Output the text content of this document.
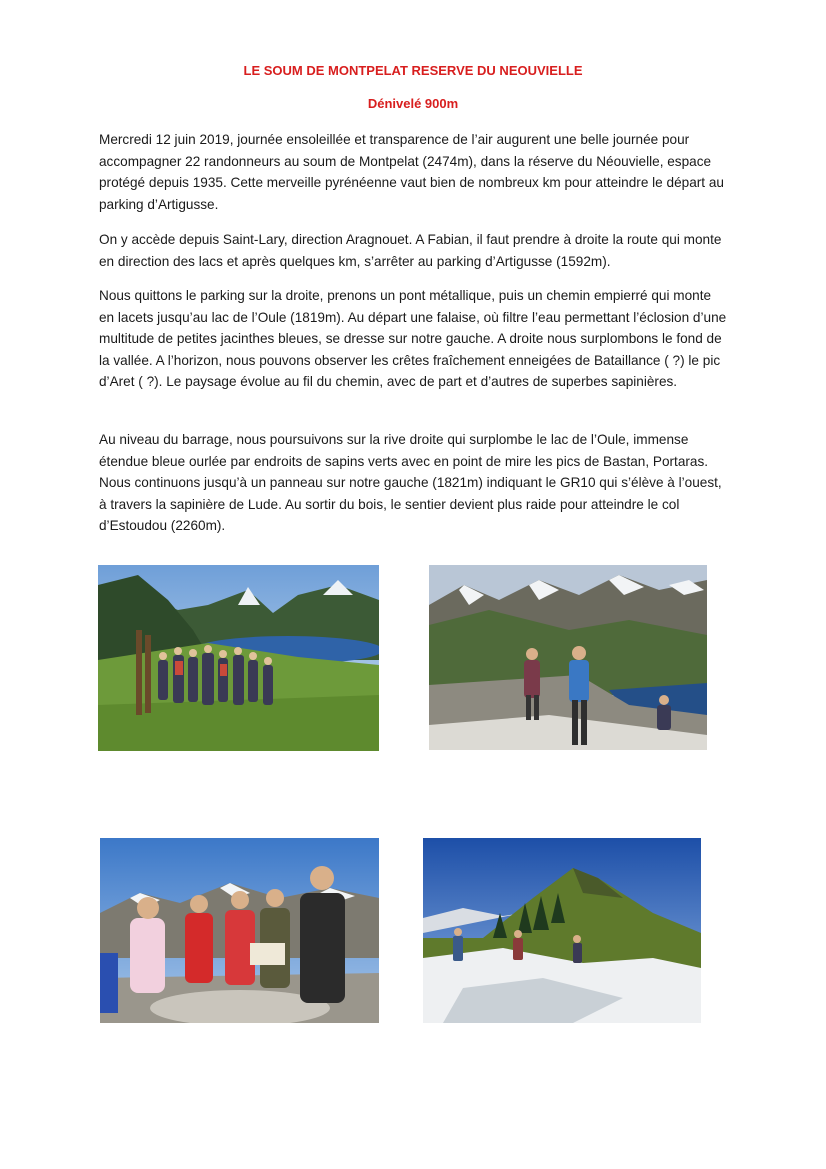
LE SOUM DE MONTPELAT RESERVE DU NEOUVIELLE
Dénivelé 900m

Mercredi 12 juin 2019, journée ensoleillée et transparence de l’air augurent une belle journée pour accompagner 22 randonneurs au soum de Montpelat (2474m), dans la réserve du Néouvielle, espace protégé depuis 1935. Cette merveille pyrénéenne vaut bien de nombreux km pour atteindre le départ au parking d’Artigusse.

On y accède depuis Saint-Lary, direction Aragnouet. A Fabian, il faut prendre à droite la route qui monte en direction des lacs et après quelques km, s’arrêter au parking d’Artigusse (1592m).

Nous quittons le parking sur la droite, prenons un pont métallique, puis un chemin empierré qui monte en lacets jusqu’au lac de l’Oule (1819m). Au départ une falaise, où filtre l’eau permettant l’éclosion d’une multitude de petites jacinthes bleues, se dresse sur notre gauche. A droite nous surplombons le fond de la vallée. A l’horizon, nous pouvons observer les crêtes fraîchement enneigées de Bataillance ( ?) le pic d’Aret ( ?). Le paysage évolue au fil du chemin, avec de part et d’autres de superbes sapinières.

Au niveau du barrage, nous poursuivons sur la rive droite qui surplombe le lac de l’Oule, immense étendue bleue ourlée par endroits de sapins verts avec en point de mire les pics de Bastan, Portaras. Nous continuons jusqu’à un panneau sur notre gauche (1821m) indiquant le GR10 qui s’élève à l’ouest, à travers la sapinière de Lude. Au sortir du bois, le sentier devient plus raide pour atteindre le col d’Estoudou (2260m).
